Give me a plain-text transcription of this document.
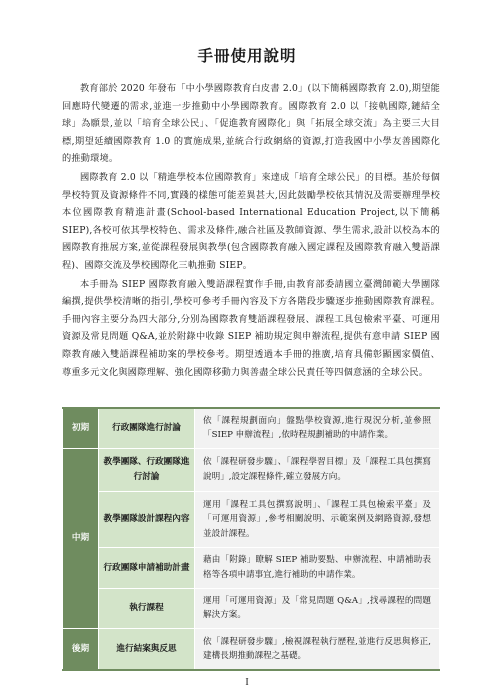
手冊使用說明

教育部於 2020 年發布「中小學國際教育白皮書 2.0」(以下簡稱國際教育 2.0),期望能回應時代變遷的需求,並進一步推動中小學國際教育。國際教育 2.0 以「接軌國際,鏈結全球」為願景,並以「培育全球公民」、「促進教育國際化」與「拓展全球交流」為主要三大目標,期望延續國際教育 1.0 的實施成果,並統合行政網絡的資源,打造我國中小學友善國際化的推動環境。

國際教育 2.0 以「精進學校本位國際教育」來達成「培育全球公民」的目標。基於每個學校特質及資源條件不同,實踐的樣態可能差異甚大,因此鼓勵學校依其情況及需要辦理學校本位國際教育精進計畫(School-based International Education Project,以下簡稱 SIEP),各校可依其學校特色、需求及條件,融合社區及教師資源、學生需求,設計以校為本的國際教育推展方案,並從課程發展與教學(包含國際教育融入國定課程及國際教育融入雙語課程)、國際交流及學校國際化三軌推動 SIEP。

本手冊為 SIEP 國際教育融入雙語課程實作手冊,由教育部委請國立臺灣師範大學團隊編撰,提供學校清晰的指引,學校可參考手冊內容及下方各階段步驟逐步推動國際教育課程。手冊內容主要分為四大部分,分別為國際教育雙語課程發展、課程工具包檢索平臺、可運用資源及常見問題 Q&A,並於附錄中收錄 SIEP 補助規定與申辦流程,提供有意申請 SIEP 國際教育融入雙語課程補助案的學校參考。期望透過本手冊的推廣,培育具備彰顯國家價值、尊重多元文化與國際理解、強化國際移動力與善盡全球公民責任等四個意涵的全球公民。

初期	行政團隊進行討論	依「課程規劃面向」盤點學校資源,進行現況分析,並參照「SIEP 申辦流程」,依時程規劃補助的申請作業。
中期	教學團隊、行政團隊進行討論	依「課程研發步驟」、「課程學習目標」及「課程工具包撰寫說明」,設定課程條件,確立發展方向。
	教學團隊設計課程內容	運用「課程工具包撰寫說明」、「課程工具包檢索平臺」及「可運用資源」,參考相關說明、示範案例及網路資源,發想並設計課程。
	行政團隊申請補助計畫	藉由「附錄」瞭解 SIEP 補助要點、申辦流程、申請補助表格等各項申請事宜,進行補助的申請作業。
	執行課程	運用「可運用資源」及「常見問題 Q&A」,找尋課程的問題解決方案。
後期	進行結案與反思	依「課程研發步驟」,檢視課程執行歷程,並進行反思與修正,建構長期推動課程之基礎。
I
